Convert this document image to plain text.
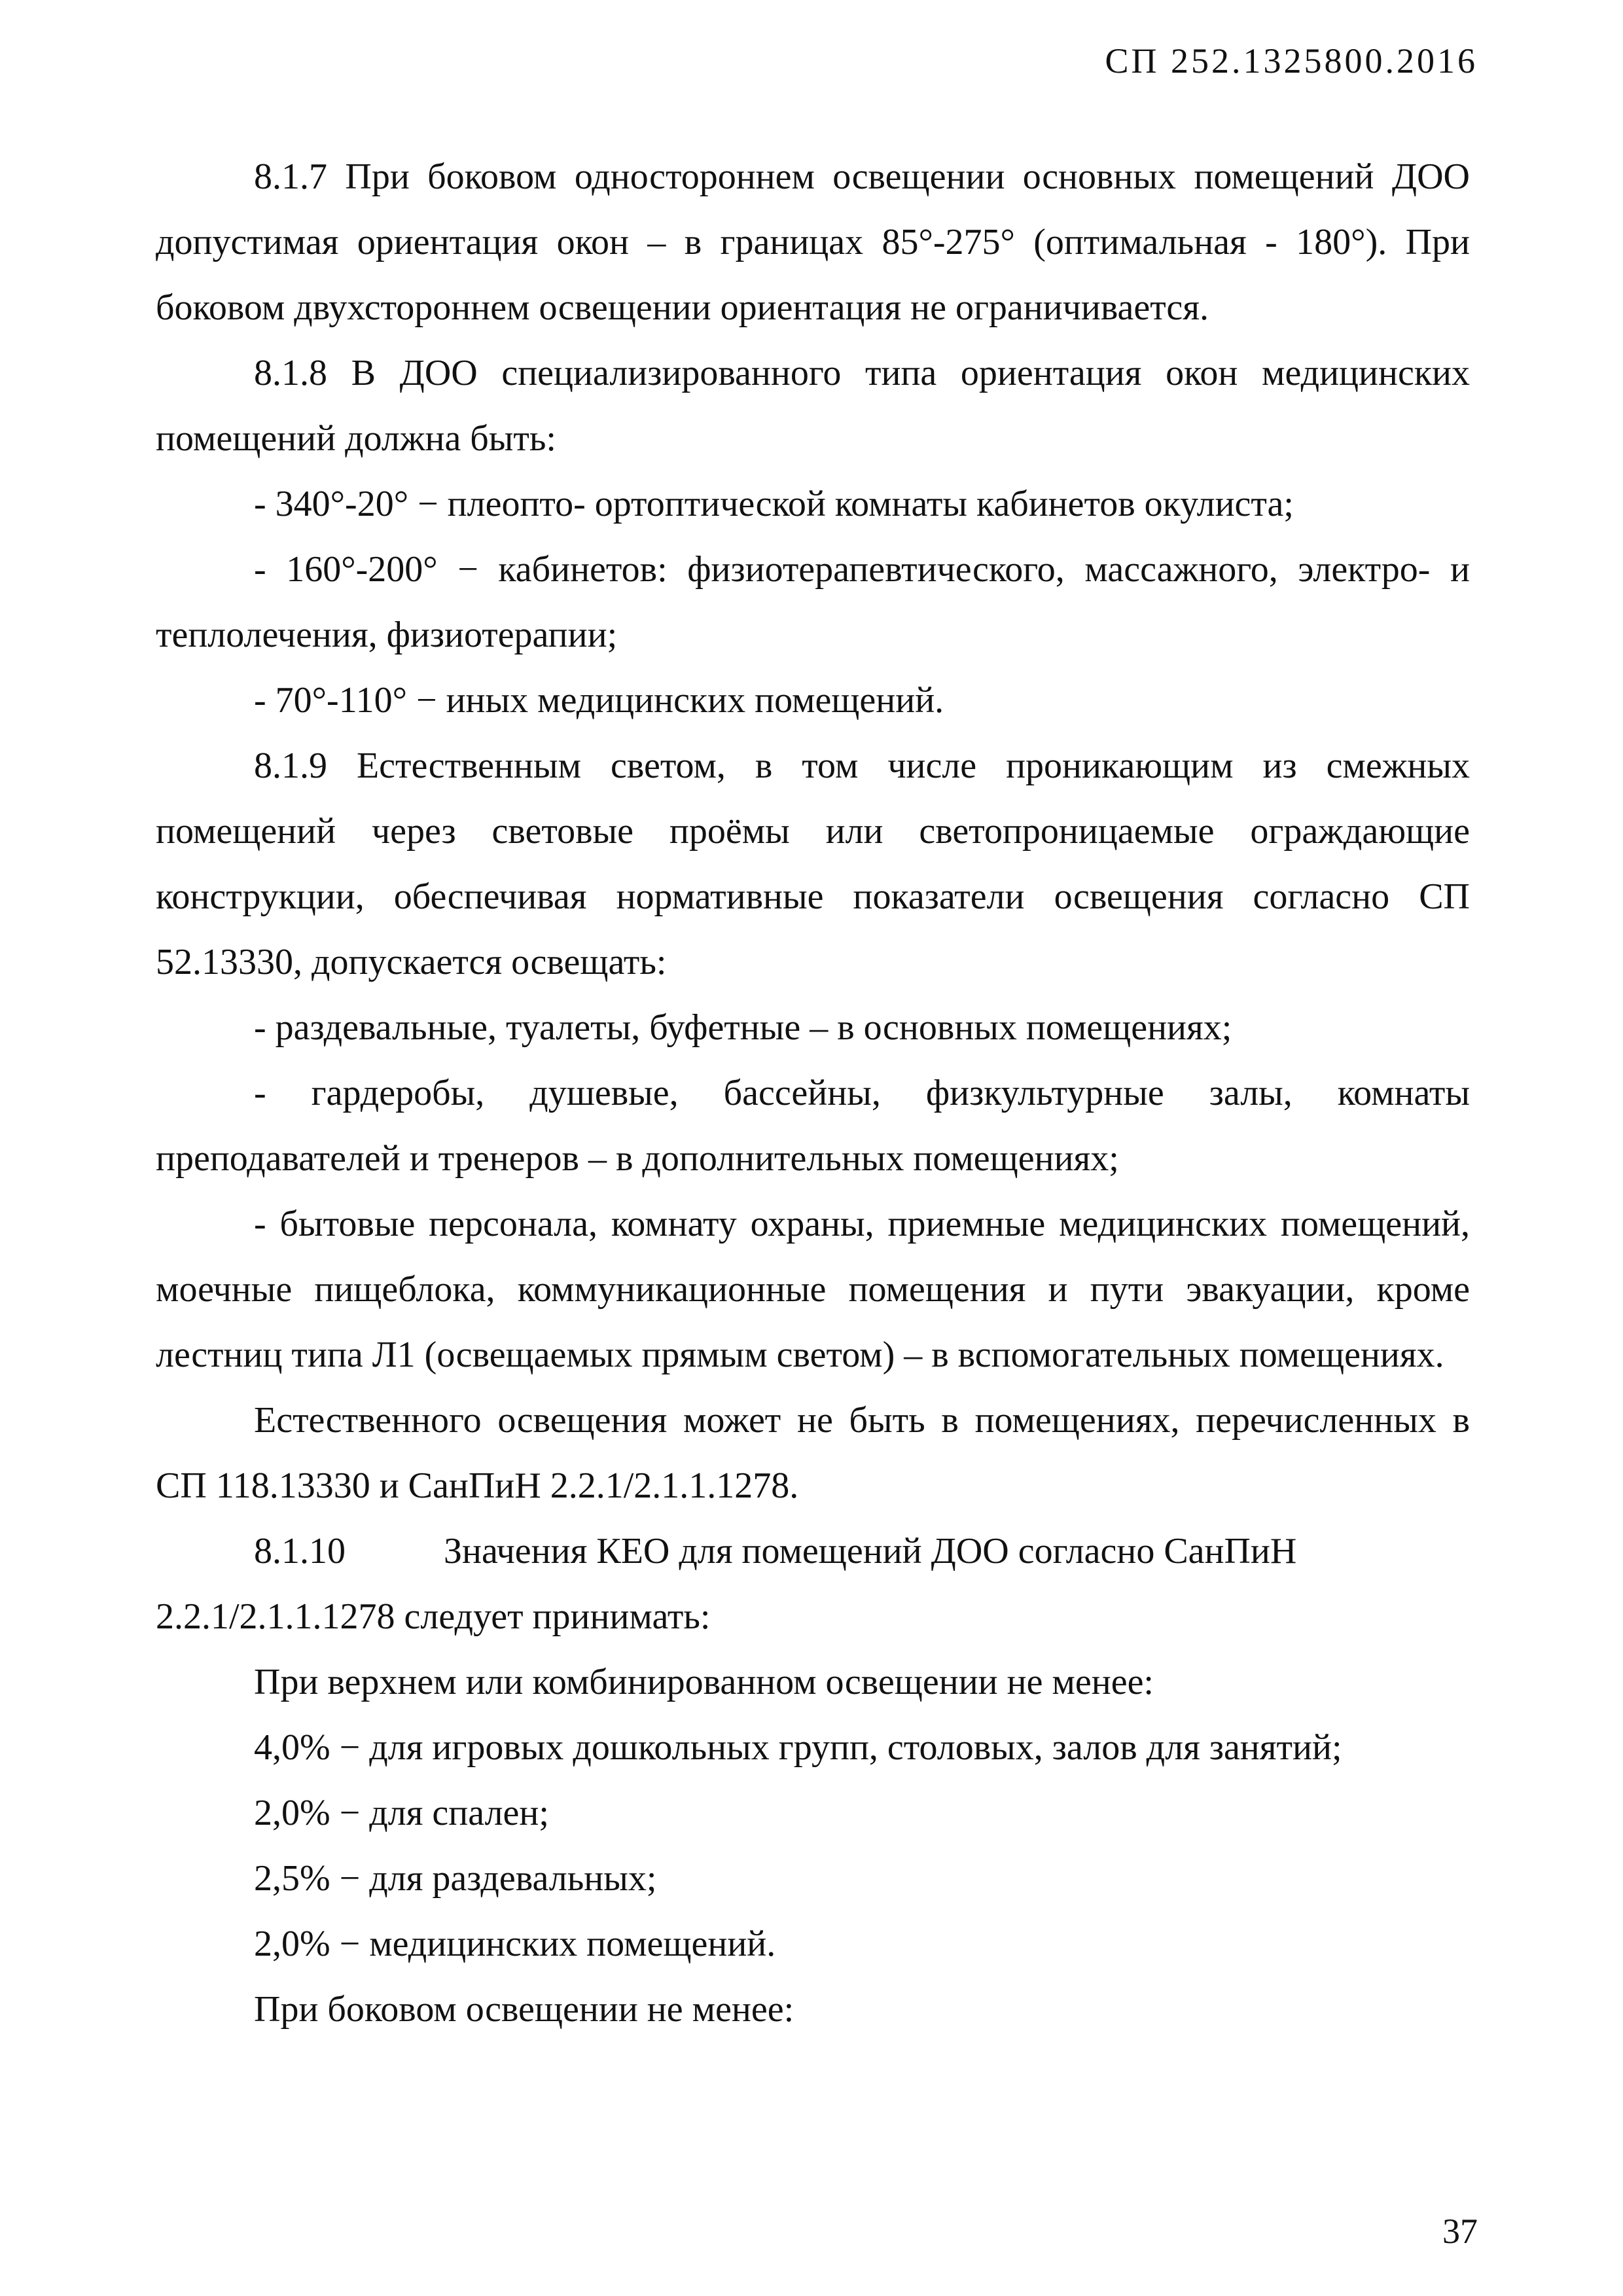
СП 252.1325800.2016

8.1.7 При боковом одностороннем освещении основных помещений ДОО допустимая ориентация окон – в границах 85°-275° (оптимальная - 180°). При боковом двухстороннем освещении ориентация не ограничивается.

8.1.8 В ДОО специализированного типа ориентация окон медицинских помещений должна быть:

- 340°-20° − плеопто- ортоптической комнаты кабинетов окулиста;

- 160°-200° − кабинетов: физиотерапевтического, массажного, электро- и теплолечения, физиотерапии;

- 70°-110° − иных медицинских помещений.

8.1.9 Естественным светом, в том числе проникающим из смежных помещений через световые проёмы или светопроницаемые ограждающие конструкции, обеспечивая нормативные показатели освещения согласно СП 52.13330, допускается освещать:

- раздевальные, туалеты, буфетные – в основных помещениях;

- гардеробы, душевые, бассейны, физкультурные залы, комнаты преподавателей и тренеров – в дополнительных помещениях;

- бытовые персонала, комнату охраны, приемные медицинских помещений, моечные пищеблока, коммуникационные помещения и пути эвакуации, кроме лестниц типа Л1 (освещаемых прямым светом) – в вспомогательных помещениях.

Естественного освещения может не быть в помещениях, перечисленных в СП 118.13330 и СанПиН 2.2.1/2.1.1.1278.

8.1.10	Значения КЕО для помещений ДОО согласно СанПиН
2.2.1/2.1.1.1278 следует принимать:
При верхнем или комбинированном освещении не менее:
4,0% − для игровых дошкольных групп, столовых, залов для занятий;
2,0% − для спален;
2,5% − для раздевальных;
2,0% − медицинских помещений.
При боковом освещении не менее:
37
